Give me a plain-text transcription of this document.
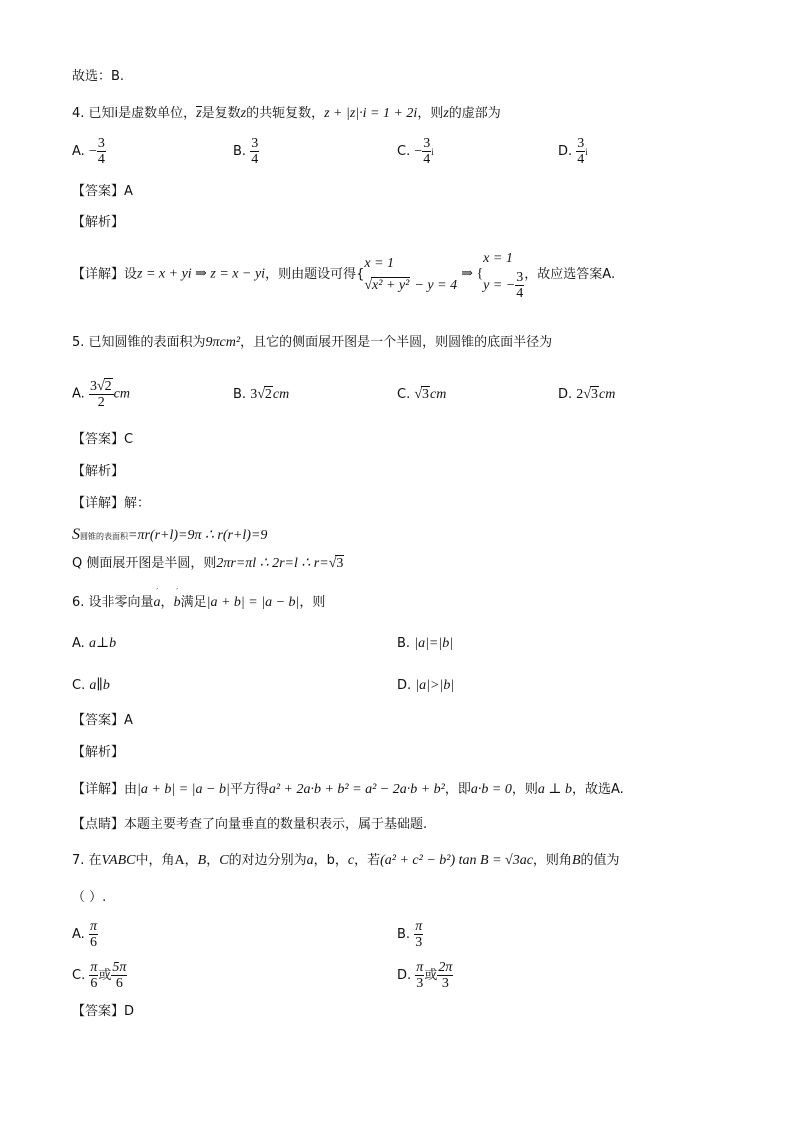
故选：B.
4. 已知i是虚数单位，z是复数z的共轭复数，z + |z|·i = 1 + 2i，则z的虚部为
A. − $\frac{3}{4}$	B. $\frac{3}{4}$	C. − $\frac{3}{4}$ i	D. $\frac{3}{4}$ i
【答案】A
【解析】
【详解】设z = x + yi ⇒ z = x − yi，则由题设可得{
x = 1
√x² + y² − y = 4
⇒ {
x = 1
y = − $\frac{3}{4}$ ，故应选答案A.
5. 已知圆锥的表面积为9πcm²，且它的侧面展开图是一个半圆，则圆锥的底面半径为
A. $\frac{3√2}{2}$ cm	B. 3√2cm	C. √3cm	D. 2√3cm
【答案】C
【解析】
【详解】解：
S圆锥的表面积=πr(r+l)=9π ∴ r(r+l)=9
Q 侧面展开图是半圆，则2πr=πl ∴ 2r=l ∴ r=√3
6. 设非零向量
ˊ
a，
ˊ
b满足|a + b| = |a − b|，则
A. a⊥b	B. |a|=|b|
C. a∥b	D. |a|>|b|
【答案】A
【解析】
【详解】由|a + b| = |a − b|平方得a² + 2a·b + b² = a² − 2a·b + b²，即a·b = 0，则a ⊥ b，故选A.
【点睛】本题主要考查了向量垂直的数量积表示，属于基础题.
7. 在VABC中，角A，B，C的对边分别为a，b，c，若(a² + c² − b²) tan B = √3ac，则角B的值为
（ ）.
A. $\frac{\pi}{6}$	B. $\frac{\pi}{3}$
C. $\frac{\pi}{6}$ 或 $\frac{5\pi}{6}$	D. $\frac{\pi}{3}$ 或 $\frac{2\pi}{3}$
【答案】D
